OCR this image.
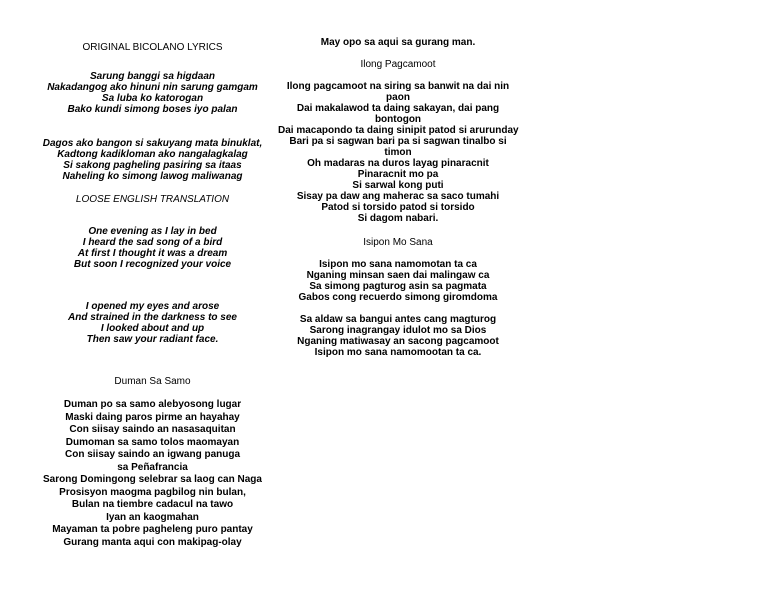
ORIGINAL BICOLANO LYRICS
Sarung banggi sa higdaan
Nakadangog ako hinuni nin sarung gamgam
Sa luba ko katorogan
Bako kundi simong boses iyo palan
Dagos ako bangon si sakuyang mata binuklat,
Kadtong kadikloman ako nangalagkalag
Si sakong pagheling pasiring sa itaas
Naheling ko simong lawog maliwanag
LOOSE ENGLISH TRANSLATION
One evening as I lay in bed
I heard the sad song of a bird
At first I thought it was a dream
But soon I recognized your voice
I opened my eyes and arose
And strained in the darkness to see
I looked about and up
Then saw your radiant face.
Duman Sa Samo
Duman po sa samo alebyosong lugar
Maski daing paros pirme an hayahay
Con siisay saindo an nasasaquitan
Dumoman sa samo tolos maomayan
Con siisay saindo an igwang panuga sa Peñafrancia
Sarong Domingong selebrar sa laog can Naga
Prosisyon maogma pagbilog nin bulan,
Bulan na tiembre cadacul na tawo
Iyan an kaogmahan
Mayaman ta pobre pagheleng puro pantay
Gurang manta aqui con makipag-olay
May opo sa aqui sa gurang man.
Ilong Pagcamoot
Ilong pagcamoot na siring sa banwit na dai nin paon
Dai makalawod ta daing sakayan, dai pang bontogon
Dai macapondo ta daing sinipit patod si arurunday
Bari pa si sagwan bari pa si sagwan tinalbo si timon
Oh madaras na duros layag pinaracnit
Pinaracnit mo pa
Si sarwal kong puti
Sisay pa daw ang maherac sa saco tumahi
Patod si torsido patod si torsido
Si dagom nabari.
Isipon Mo Sana
Isipon mo sana namomotan ta ca
Nganing minsan saen dai malingaw ca
Sa simong pagturog asin sa pagmata
Gabos cong recuerdo simong giromdoma
Sa aldaw sa bangui antes cang magturog
Sarong inagrangay idulot mo sa Dios
Nganing matiwasay an sacong pagcamoot
Isipon mo sana namomootan ta ca.
